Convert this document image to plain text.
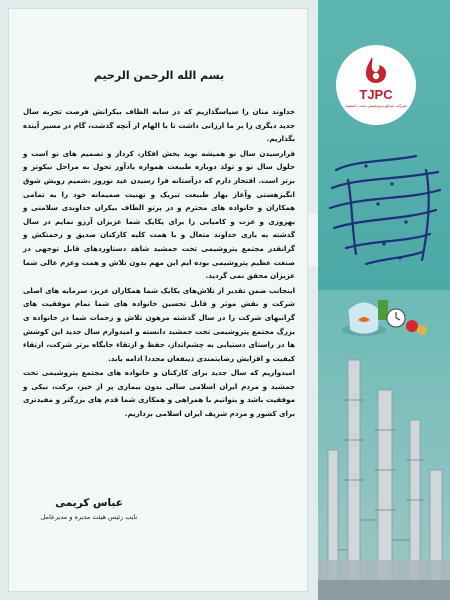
بسم الله الرحمن الرحیم

خداوند منان را سپاسگذاریم که در سایه الطاف بیکرانش فرصت تجربه سال جدید دیگری را بر ما ارزانی داشت تا با الهام از آنچه گذشت، گام در مسیر آینده بگذاریم.

فرارسیدن سال نو همیشه نوید بخش افکار، کردار و تصمیم های نو است و حلول سال نو و تولد دوباره طبیعت همواره یادآور تحول به مراحل نیکوتر و برتر است. افتخار دارم که درآستانه فرا رسیدن عید نوروز ،شمیم رویش شوق انگیزهستی وآغاز بهار طبیعت تبریک و تهنیت صمیمانه خود را به تمامی همکاران و خانواده های محترم و در پرتو الطاف بیکران خداوندی سلامتی و بهروزی و عزت و کامیابی را برای یکایک شما عزیزان آرزو نمایم در سال گذشته به یاری خداوند متعال و با همت کلیه کارکنان صدیق و زحمتکش و گرانقدر مجتمع پتروشیمی تخت جمشید شاهد دستاوردهای قابل توجهی در صنعت عظیم پتروشیمی بوده ایم این مهم بدون تلاش و همت وعزم عالی شما عزیزان محقق نمی گردید.

اینجانب ضمن تقدیر از تلاش‌های یکایک شما همکاران عزیز، سرمایه های اصلی شرکت و نقش موثر و قابل تحسین خانواده های شما تمام موفقیت های گرانبهای شرکت را در سال گذشته مرهون تلاش و زحمات شما در خانواده ی بزرگ مجتمع پتروشیمی تخت جمشید دانسته و امیدوارم سال جدید این کوشش ها در راستای دستیابی به چشم‌انداز، حفظ و ارتقاء جایگاه برتر شرکت، ارتقاء کیفیت و افزایش رضایتمندی ذینفعان مجددا ادامه یابد.

امیدواریم که سال جدید برای کارکنان و خانواده های مجتمع پتروشیمی تخت جمشید و مردم ایران اسلامی سالی بدون بیماری پر از خیر، برکت، نیکی و موفقیت باشد و بتوانیم با همراهی و همکاری شما قدم های بزرگتر و مفیدتری برای کشور و مردم شریف ایران اسلامی برداریم.

عباس کریمی
نایب رئیس هیئت مدیره و مدیرعامل
TJPC
شرکت صنایع پتروشیمی تخت جمشید
